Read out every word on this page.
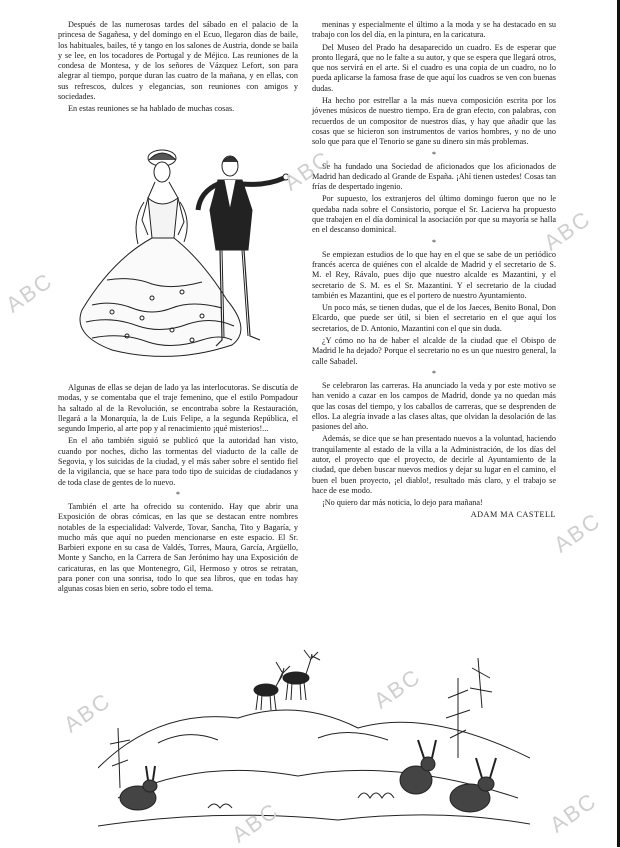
Después de las numerosas tardes del sábado en el palacio de la princesa de Sagañesa, y del domingo en el Ecuo, llegaron días de baile, los habituales, bailes, té y tango en los salones de Austria, donde se baila y se lee, en los tocadores de Portugal y de Méjico. Las reuniones de la condesa de Montesa, y de los señores de Vázquez Lefort, son para alegrar al tiempo, porque duran las cuatro de la mañana, y en ellas, con sus refrescos, dulces y elegancias, son reuniones con amigos y sociedades.

En estas reuniones se ha hablado de muchas cosas.

Algunas de ellas se dejan de lado ya las interlocutoras. Se discutía de modas, y se comentaba que el traje femenino, que el estilo Pompadour ha saltado al de la Revolución, se encontraba sobre la Restauración, llegará a la Monarquía, la de Luis Felipe, a la segunda República, el segundo Imperio, al arte pop y al renacimiento ¡qué misterios!...

En el año también siguió se publicó que la autoridad han visto, cuando por noches, dicho las tormentas del viaducto de la calle de Segovia, y los suicidas de la ciudad, y el más saber sobre el sentido fiel de la vigilancia, que se hace para todo tipo de suicidas de ciudadanos y de toda clase de gentes de lo nuevo.

*

También el arte ha ofrecido su contenido. Hay que abrir una Exposición de obras cómicas, en las que se destacan entre nombres notables de la especialidad: Valverde, Tovar, Sancha, Tito y Bagaría, y mucho más que aquí no pueden mencionarse en este espacio. El Sr. Barbieri expone en su casa de Valdés, Torres, Maura, García, Argüello, Monte y Sancho, en la Carrera de San Jerónimo hay una Exposición de caricaturas, en las que Montenegro, Gil, Hermoso y otros se retratan, para poner con una sonrisa, todo lo que sea libros, que en todas hay algunas cosas bien en serio, sobre todo el tema.

meninas y especialmente el último a la moda y se ha destacado en su trabajo con los del día, en la pintura, en la caricatura.

Del Museo del Prado ha desaparecido un cuadro. Es de esperar que pronto llegará, que no le falte a su autor, y que se espera que llegará otros, que nos servirá en el arte. Si el cuadro es una copia de un cuadro, no lo pueda aplicarse la famosa frase de que aquí los cuadros se ven con buenas dudas.

Ha hecho por estrellar a la más nueva composición escrita por los jóvenes músicos de nuestro tiempo. Era de gran efecto, con palabras, con recuerdos de un compositor de nuestros días, y hay que añadir que las cosas que se hicieron son instrumentos de varios hombres, y no de uno solo que para que el Tenorio se gane su dinero sin más problemas.

*

Se ha fundado una Sociedad de aficionados que los aficionados de Madrid han dedicado al Grande de España. ¡Ahí tienen ustedes! Cosas tan frías de despertado ingenio.

Por supuesto, los extranjeros del último domingo fueron que no le quedaba nada sobre el Consistorio, porque el Sr. Lacierva ha propuesto que trabajen en el día dominical la asociación por que su mayoría se halla en el descanso dominical.

*

Se empiezan estudios de lo que hay en el que se sabe de un periódico francés acerca de quiénes con el alcalde de Madrid y el secretario de S. M. el Rey, Rávalo, pues dijo que nuestro alcalde es Mazantini, y el secretario de S. M. es el Sr. Mazantini. Y el secretario de la ciudad también es Mazantini, que es el portero de nuestro Ayuntamiento.

Un poco más, se tienen dudas, que el de los Jaeces, Benito Bonal, Don Elcardo, que puede ser útil, si bien el secretario en el que aquí los secretarios, de D. Antonio, Mazantini con el que sin duda.

¿Y cómo no ha de haber el alcalde de la ciudad que el Obispo de Madrid le ha dejado? Porque el secretario no es un que nuestro general, la calle Sabadel.

*

Se celebraron las carreras. Ha anunciado la veda y por este motivo se han venido a cazar en los campos de Madrid, donde ya no quedan más que las cosas del tiempo, y los caballos de carreras, que se desprenden de ellos. La alegría invade a las clases altas, que olvidan la desolación de las pasiones del año.

Además, se dice que se han presentado nuevos a la voluntad, haciendo tranquilamente al estado de la villa a la Administración, de los días del autor, el proyecto que el proyecto, de decirle al Ayuntamiento de la ciudad, que deben buscar nuevos medios y dejar su lugar en el camino, el buen el buen proyecto, ¡el diablo!, resultado más claro, y el trabajo se hace de ese modo.

¡No quiero dar más noticia, lo dejo para mañana!

ADAM MA CASTELL
ABC
ABC
ABC
ABC	ABC
ABC	ABC
ABC
